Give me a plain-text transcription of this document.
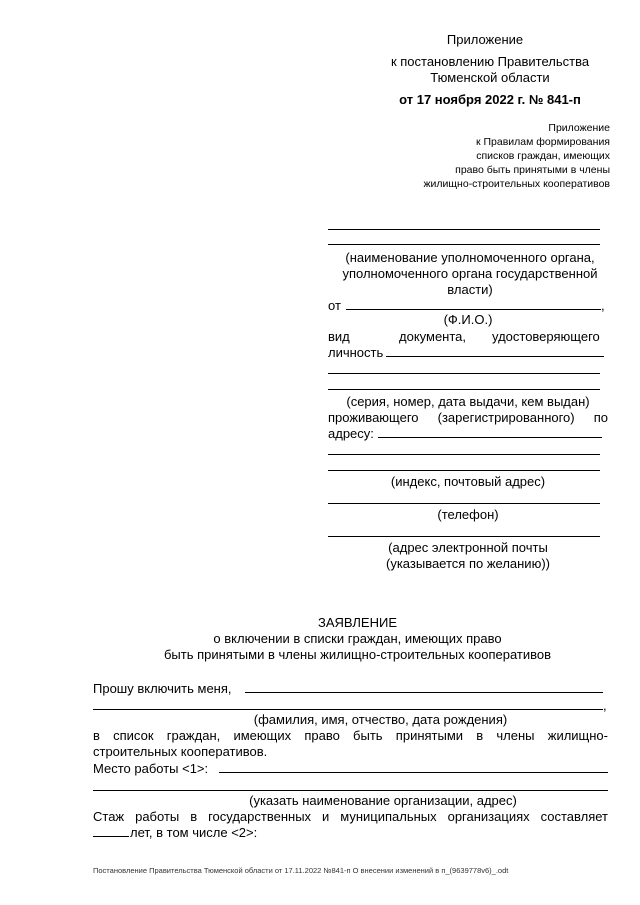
Приложение
к постановлению Правительства
Тюменской области
от 17 ноября 2022 г. № 841-п
Приложение
к Правилам формирования
списков граждан, имеющих
право быть принятыми в члены
жилищно-строительных кооперативов
(наименование уполномоченного органа,
уполномоченного органа государственной
власти)
от	,
(Ф.И.О.)
вид	документа, удостоверяющего
личность
(серия, номер, дата выдачи, кем выдан)
проживающего (зарегистрированного) по
адресу:
(индекс, почтовый адрес)
(телефон)
(адрес электронной почты
(указывается по желанию))
ЗАЯВЛЕНИЕ
о включении в списки граждан, имеющих право
быть принятыми в члены жилищно-строительных кооперативов
Прошу включить меня,
,
(фамилия, имя, отчество, дата рождения)
в список граждан, имеющих право быть принятыми в члены жилищно-
строительных кооперативов.
Место работы <1>:
(указать наименование организации, адрес)
Стаж работы в государственных и муниципальных организациях составляет
лет, в том числе <2>:
Постановление Правительства Тюменской области от 17.11.2022 №841-п О внесении изменений в п_(9639778v6)_.odt
